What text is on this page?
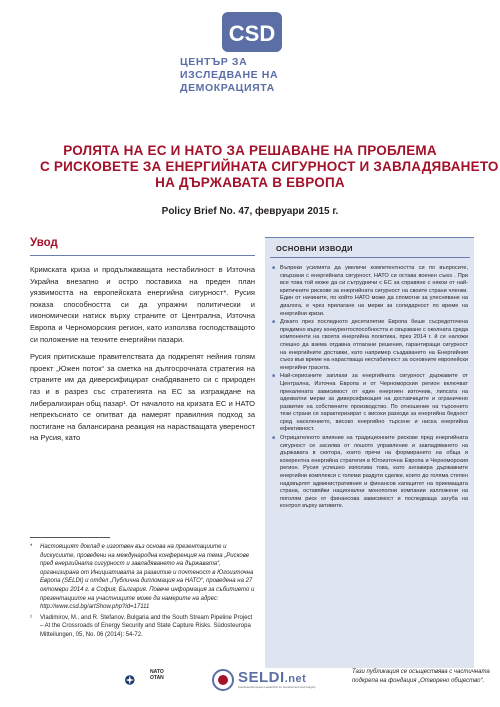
CSD
ЦЕНТЪР ЗА
ИЗСЛЕДВАНЕ НА
ДЕМОКРАЦИЯТА
РОЛЯТА НА ЕС И НАТО ЗА РЕШАВАНЕ НА ПРОБЛЕМА
С РИСКОВЕТЕ ЗА ЕНЕРГИЙНАТА СИГУРНОСТ И ЗАВЛАДЯВАНЕТО
НА ДЪРЖАВАТА В ЕВРОПА
Policy Brief No. 47, февруари 2015 г.
Увод

Кримската криза и продължаващата нестабилност в Източна Украйна внезапно и остро поставиха на преден план уязвимостта на европейската енергийна сигурност*. Русия показа способността си да упражни политически и икономически натиск върху страните от Централна, Източна Европа и Черноморския регион, като използва господстващото си положение на техните енергийни пазари.

Русия притискаше правителствата да подкрепят нейния голям проект „Южен поток“ за сметка на дългосрочната стратегия на страните им да диверсифицират снабдяването си с природен газ и в разрез със стратегията на ЕС за изграждане на либерализиран общ пазар¹. От началото на кризата ЕС и НАТО непрекъснато се опитват да намерят правилния подход за постигане на балансирана реакция на нарастващата увереност на Русия, като

*	Настоящият доклад е изготвен въз основа на презентациите и дискусиите, проведени на международна конференция на тема „Рискове пред енергийната сигурност и завладяването на държавата“, организирана от Инициативата за развитие и почтеност в Югоизточна Европа (SELDI) и отдел „Публична дипломация на НАТО“, проведена на 27 октомври 2014 г. в София, България. Повече информация за събитието и презентациите на участниците може да намерите на адрес: http://www.csd.bg/artShow.php?id=17111
¹	Vladimirov, M., and R. Stefanov. Bulgaria and the South Stream Pipeline Project – At the Crossroads of Energy Security and State Capture Risks. Südosteuropa Mitteilungen, 05, No. 06 (2014): 54-72.
ОСНОВНИ ИЗВОДИ
■ Въпреки усилията да увеличи компетентността си по въпросите, свързани с енергийната сигурност, НАТО си остава военен съюз . При все това той може да си сътрудничи с ЕС за справяне с някои от най-критичните рискове за енергийната сигурност на своите страни членки. Един от начините, по който НАТО може да спомогне за улесняване на диалога, е чрез прилагане на мерки за солидарност по време на енергийни кризи.
■ Докато през последното десетилетие Европа беше съсредоточена предимно върху конкурентоспособността и свързване с околната среда компоненти на своята енергийна политика, през 2014 г. й се наложи спешно да взема отдавна отлагани решения, гарантиращи сигурност на енергийните доставки, като например създаването на Енергийния съюз във време на нарастваща нестабилност за основните европейски енергийни трасета.
■ Най-сериозните заплахи за енергийната сигурност държавите от Централна, Източна Европа и от Черноморския регион включват прекалената зависимост от един енергиен източник, липсата на адекватни мерки за диверсификация на доставчиците и ограничено развитие на собствените производство. По отношение на търсенето тези страни се характеризират с високи разходи за енергийна бедност сред населението, високо енергийно търсене и ниска енергийна ефективност.
■ Отрицателното влияние на традиционните рискове пред енергийната сигурност се засилва от лошото управление и завладяването на държавата в сектора, които пречи на формирането на обща и кохерентна енергийна стратегия в Югоизточна Европа и Черноморския регион. Русия успешно използва това, като ангажира държавните енергийни комплекси с големи раздути сделки, които до голяма степен надхвърлят административния и финансов капацитет на приемащата страна, оставяйки национални монополни компании излложени на поголям риск от финансова зависимост и последваща загуба на контрол върху активите.
NATO
OTAN	SELDI.net
Southeast European Leadership for Development and Integrity
Тази публикация се осъществява с частичната подкрепа на фондация „Отворено общество“.
